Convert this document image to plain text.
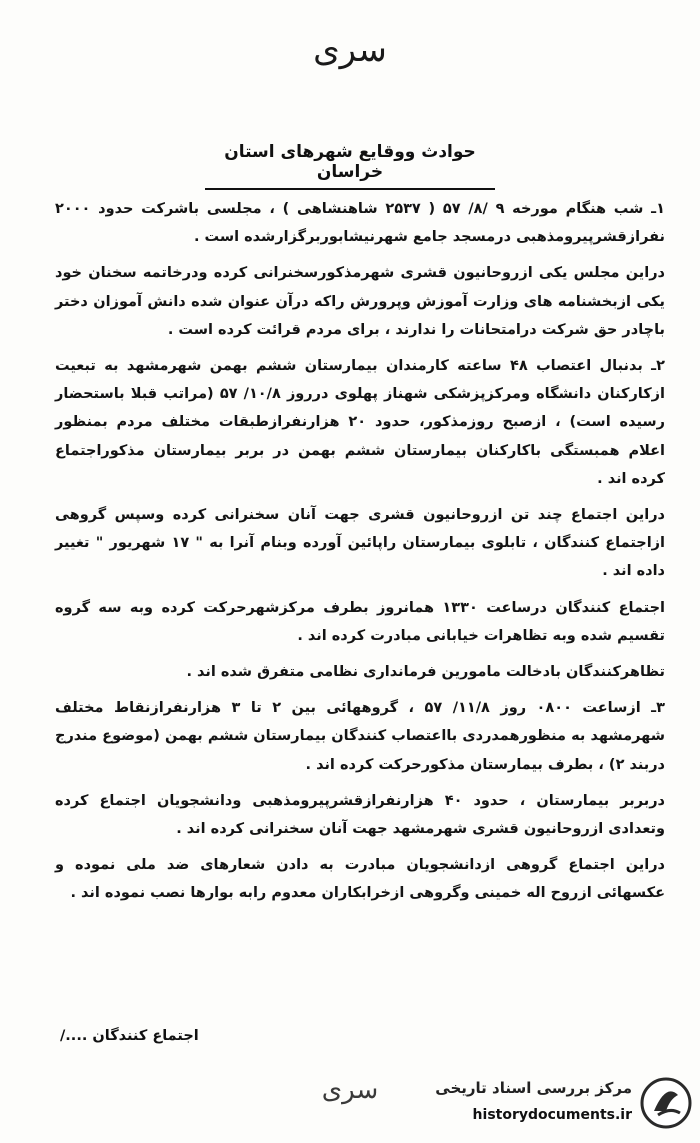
سری
حوادث ووقایع شهرهای استان خراسان

۱ـ شب هنگام مورخه ۹ /۸/ ۵۷ ( ۲۵۳۷ شاهنشاهی ) ، مجلسی باشرکت حدود ۲۰۰۰ نفرازقشرپیرومذهبی درمسجد جامع شهرنیشابوربرگزارشده است .

دراین مجلس یکی ازروحانیون قشری شهرمذکورسخنرانی کرده ودرخاتمه سخنان خود یکی ازبخشنامه های وزارت آموزش وپرورش راکه درآن عنوان شده دانش آموزان دختر باچادر حق شرکت درامتحانات را ندارند ، برای مردم قرائت کرده است .

۲ـ بدنبال اعتصاب ۴۸ ساعته کارمندان بیمارستان ششم بهمن شهرمشهد به تبعیت ازکارکنان دانشگاه ومرکزپزشکی شهناز پهلوی درروز ۱۰/۸/ ۵۷ (مراتب قبلا باستحضار رسیده است) ، ازصبح روزمذکور، حدود ۲۰ هزارنفرازطبقات مختلف مردم بمنظور اعلام همبستگی باکارکنان بیمارستان ششم بهمن در بربر بیمارستان مذکوراجتماع کرده اند .

دراین اجتماع چند تن ازروحانیون قشری جهت آنان سخنرانی کرده وسپس گروهی ازاجتماع کنندگان ، تابلوی بیمارستان راپائین آورده وبنام آنرا به " ۱۷ شهریور " تغییر داده اند .

اجتماع کنندگان درساعت ۱۳۳۰ همانروز بطرف مرکزشهرحرکت کرده وبه سه گروه تقسیم شده وبه تظاهرات خیابانی مبادرت کرده اند .

تظاهرکنندگان بادخالت مامورین فرمانداری نظامی متفرق شده اند .

۳ـ ازساعت ۰۸۰۰ روز ۱۱/۸/ ۵۷ ، گروههائی بین ۲ تا ۳ هزارنفرازنقاط مختلف شهرمشهد به منظورهمدردی بااعتصاب کنندگان بیمارستان ششم بهمن (موضوع مندرج دربند ۲) ، بطرف بیمارستان مذکورحرکت کرده اند .

دربربر بیمارستان ، حدود ۴۰ هزارنفرازقشرپیرومذهبی ودانشجویان اجتماع کرده وتعدادی ازروحانیون قشری شهرمشهد جهت آنان سخنرانی کرده اند .

دراین اجتماع گروهی ازدانشجویان مبادرت به دادن شعارهای ضد ملی نموده و عکسهائی ازروح اله خمینی وگروهی ازخرابکاران معدوم رابه بوارها نصب نموده اند .

اجتماع کنندگان ..../
سری	مرکز بررسی اسناد تاریخی
historydocuments.ir
